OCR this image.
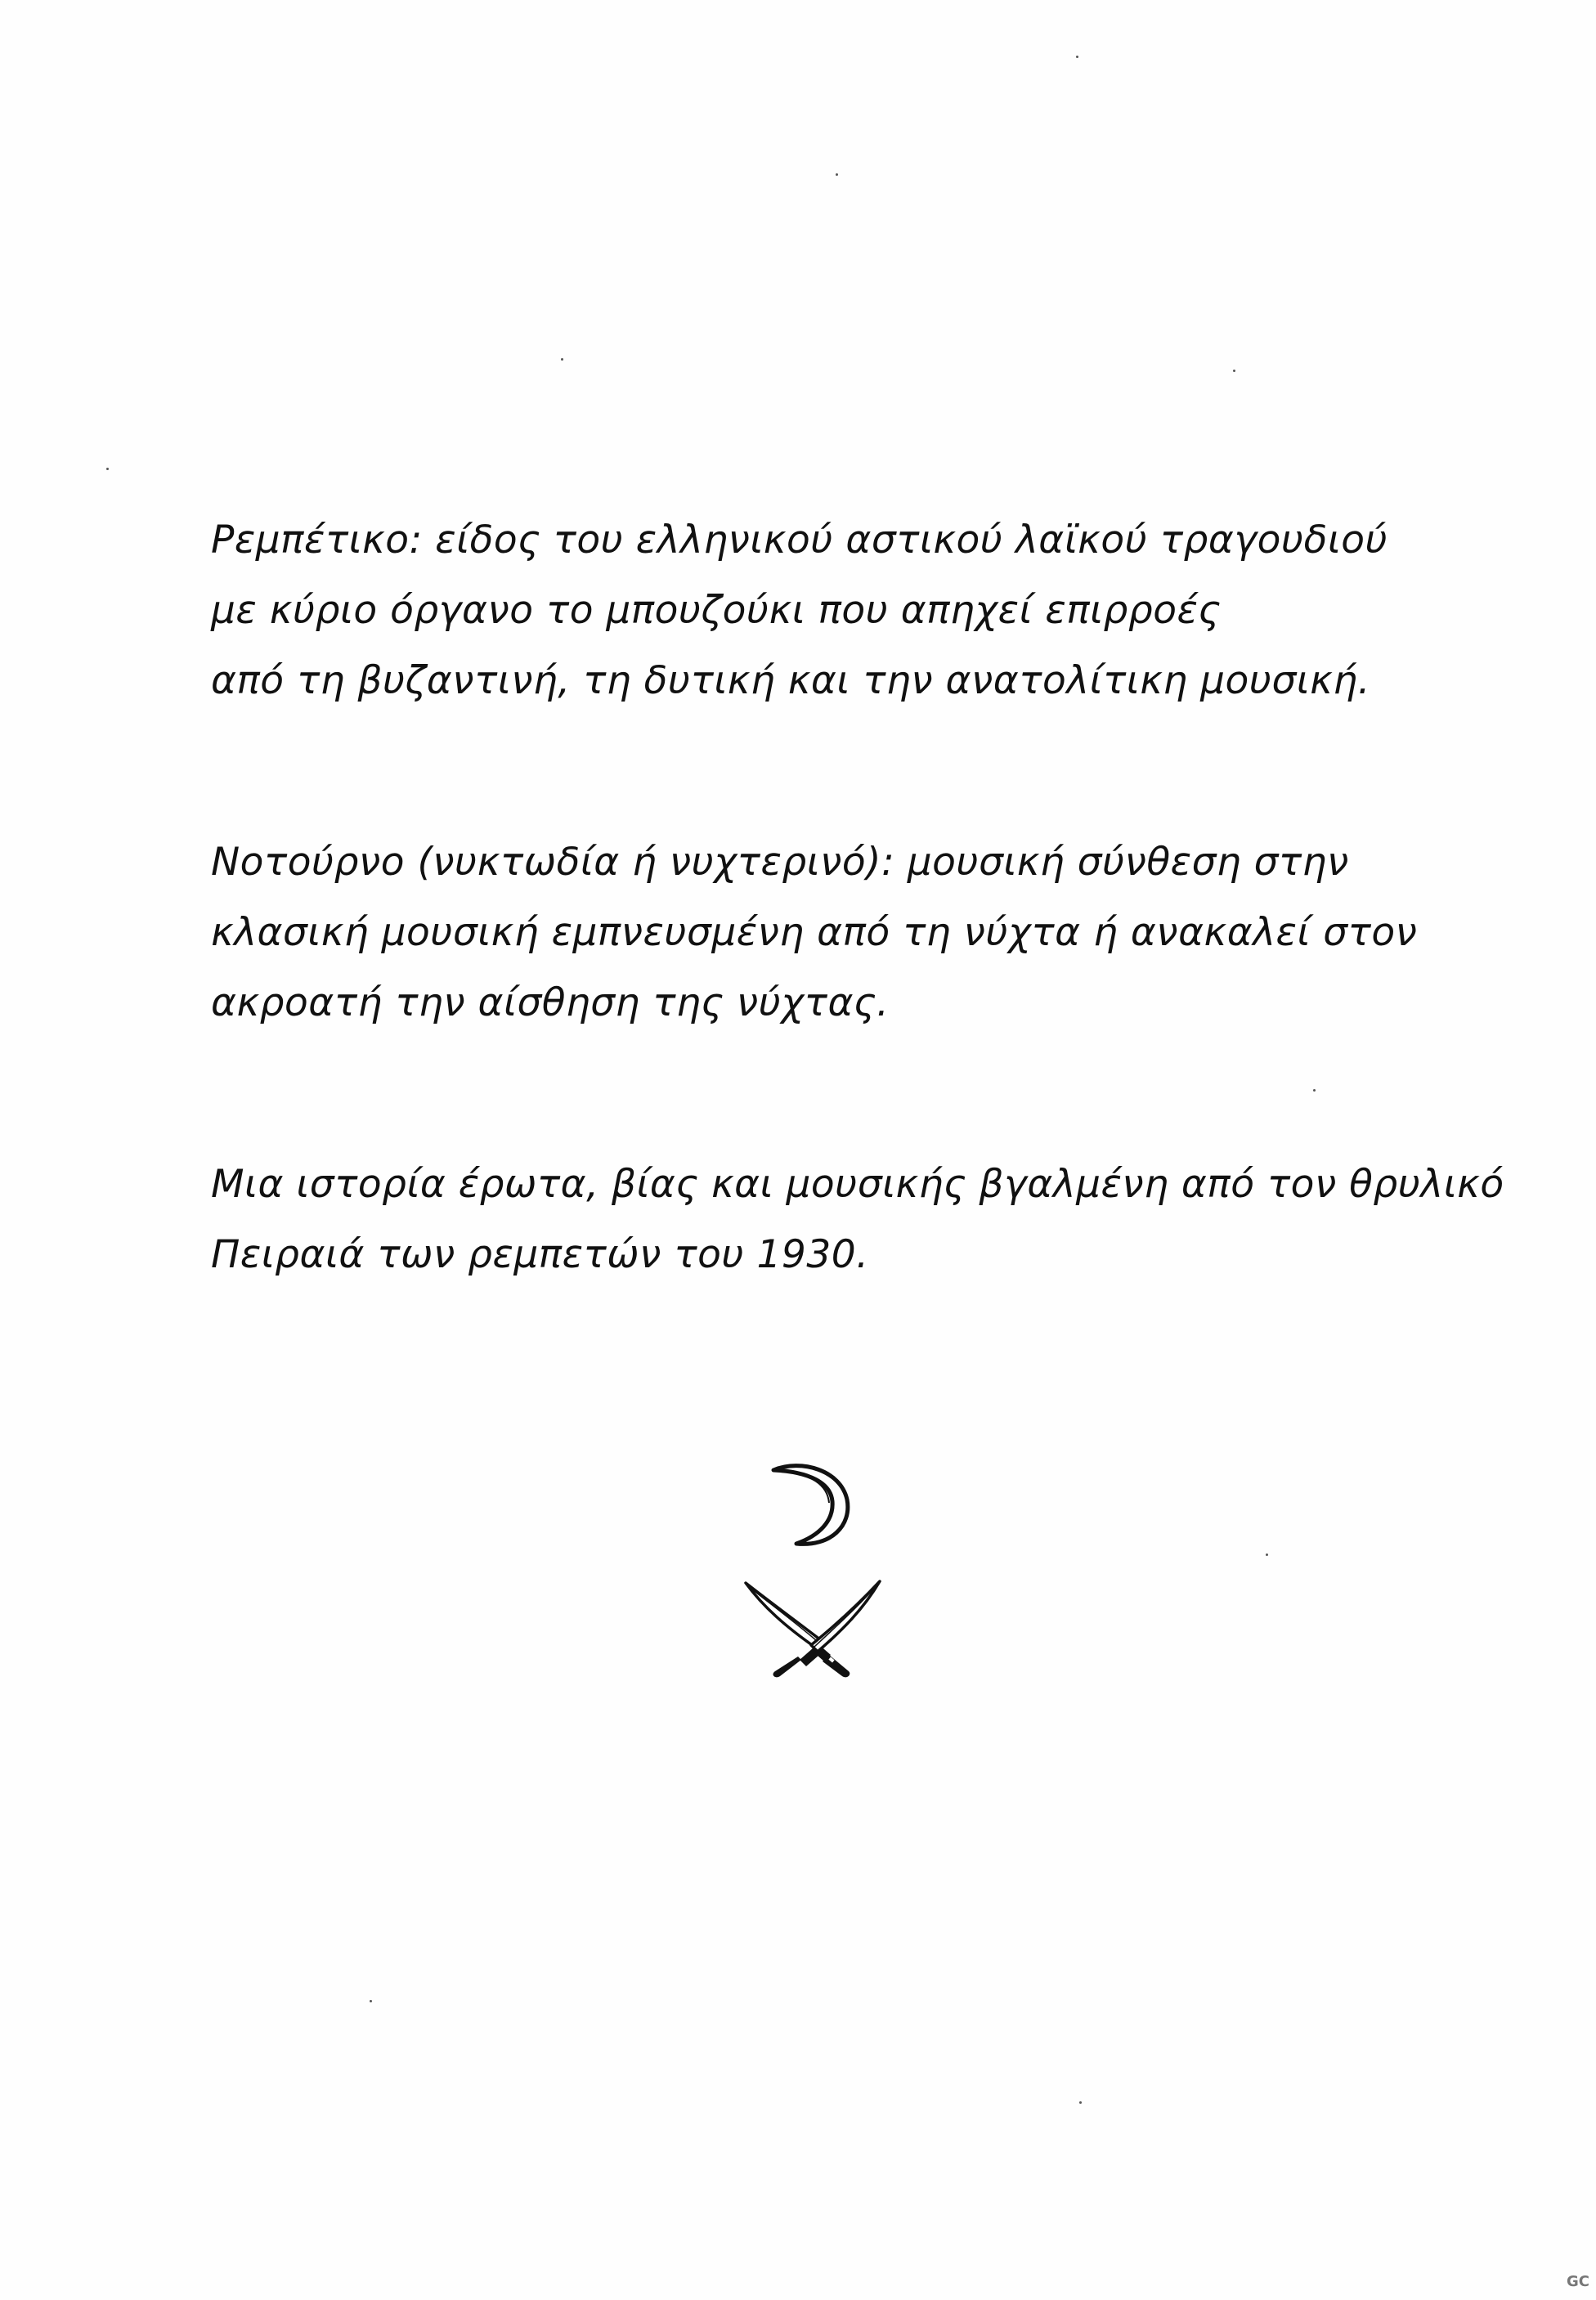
Ρεμπέτικο: είδος του ελληνικού αστικού λαϊκού τραγουδιού
με κύριο όργανο το μπουζούκι που απηχεί επιρροές
από τη βυζαντινή, τη δυτική και την ανατολίτικη μουσική.
Νοτούρνο (νυκτωδία ή νυχτερινό): μουσική σύνθεση στην
κλασική μουσική εμπνευσμένη από τη νύχτα ή ανακαλεί στον
ακροατή την αίσθηση της νύχτας.
Μια ιστορία έρωτα, βίας και μουσικής βγαλμένη από τον θρυλικό
Πειραιά των ρεμπετών του 1930.
GC
